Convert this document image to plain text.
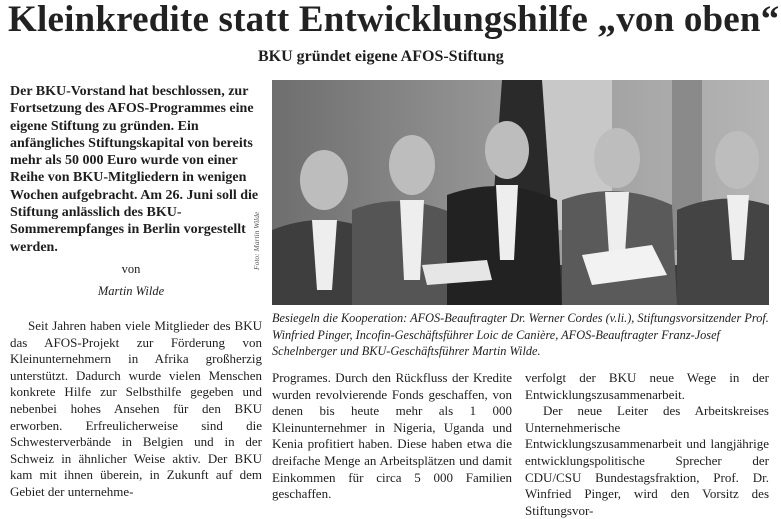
Kleinkredite statt Entwicklungshilfe „von oben“
BKU gründet eigene AFOS-Stiftung
Der BKU-Vorstand hat beschlossen, zur Fortsetzung des AFOS-Programmes eine eigene Stiftung zu gründen. Ein anfängliches Stiftungskapital von bereits mehr als 50 000 Euro wurde von einer Reihe von BKU-Mitgliedern in wenigen Wochen aufgebracht. Am 26. Juni soll die Stiftung anlässlich des BKU-Sommerempfanges in Berlin vorgestellt werden.
von
Martin Wilde

Seit Jahren haben viele Mitglieder des BKU das AFOS-Projekt zur Förderung von Kleinunternehmern in Afrika großherzig unterstützt. Dadurch wurde vielen Menschen konkrete Hilfe zur Selbsthilfe gegeben und nebenbei hohes Ansehen für den BKU erworben. Erfreulicherweise sind die Schwesterverbände in Belgien und in der Schweiz in ähnlicher Weise aktiv. Der BKU kam mit ihnen überein, in Zukunft auf dem Gebiet der unternehme-

Foto: Martin Wilde
Besiegeln die Kooperation: AFOS-Beauftragter Dr. Werner Cordes (v.li.), Stiftungsvorsitzender Prof. Winfried Pinger, Incofin-Geschäftsführer Loic de Canière, AFOS-Beauftragter Franz-Josef Schelnberger und BKU-Geschäftsführer Martin Wilde.

Programes. Durch den Rückfluss der Kredite wurden revolvierende Fonds geschaffen, von denen bis heute mehr als 1 000 Kleinunternehmer in Nigeria, Uganda und Kenia profitiert haben. Diese haben etwa die dreifache Menge an Arbeitsplätzen und damit Einkommen für circa 5 000 Familien geschaffen.

verfolgt der BKU neue Wege in der Entwicklungszusammenarbeit.

Der neue Leiter des Arbeitskreises Unternehmerische Entwicklungszusammenarbeit und langjährige entwicklungspolitische Sprecher der CDU/CSU Bundestagsfraktion, Prof. Dr. Winfried Pinger, wird den Vorsitz des Stiftungsvor-
